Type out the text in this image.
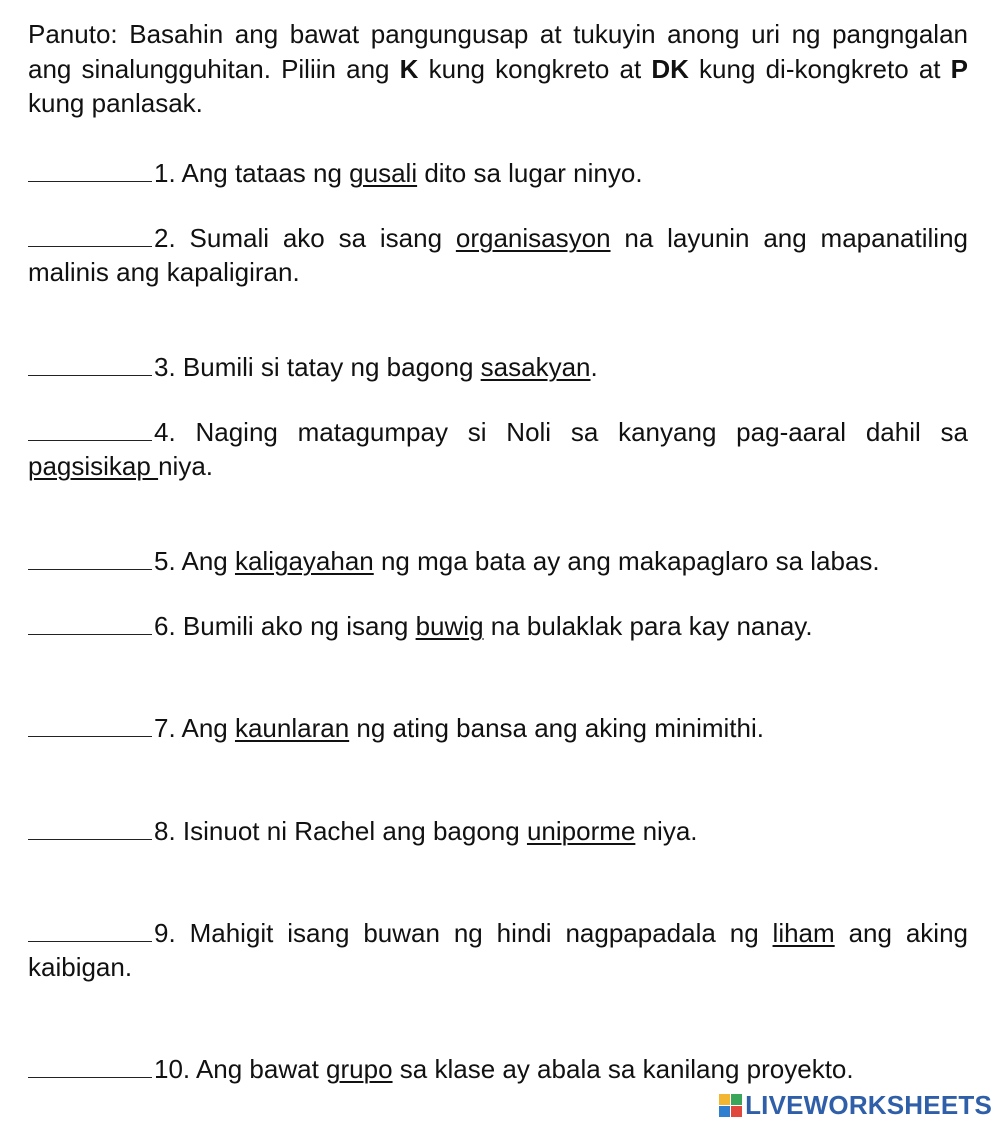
Panuto: Basahin ang bawat pangungusap at tukuyin anong uri ng pangngalan ang sinalungguhitan. Piliin ang K kung kongkreto at DK kung di-kongkreto at P kung panlasak.

1. Ang tataas ng gusali dito sa lugar ninyo.
2. Sumali ako sa isang organisasyon na layunin ang mapanatiling malinis ang kapaligiran.
3. Bumili si tatay ng bagong sasakyan.
4. Naging matagumpay si Noli sa kanyang pag-aaral dahil sa pagsisikap niya.
5. Ang kaligayahan ng mga bata ay ang makapaglaro sa labas.
6. Bumili ako ng isang buwig na bulaklak para kay nanay.
7. Ang kaunlaran ng ating bansa ang aking minimithi.
8. Isinuot ni Rachel ang bagong uniporme niya.
9. Mahigit isang buwan ng hindi nagpapadala ng liham ang aking kaibigan.
10. Ang bawat grupo sa klase ay abala sa kanilang proyekto.
LIVEWORKSHEETS
